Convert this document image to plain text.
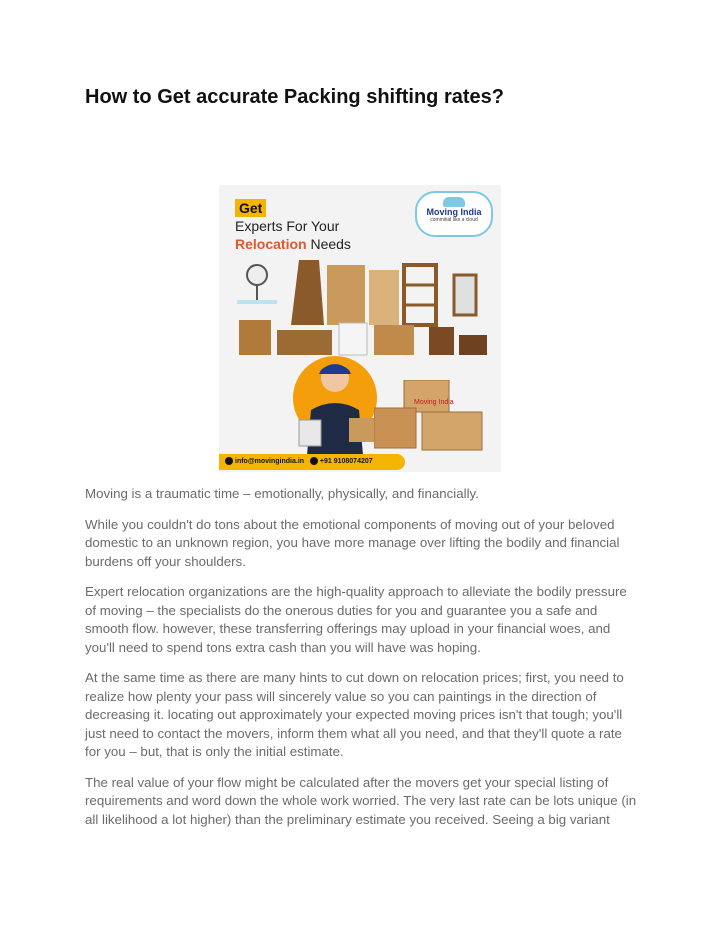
How to Get accurate Packing shifting rates?
Get
Experts For Your
Relocation Needs
Moving India
commitial like a cloud
Moving India
info@movingindia.in +91 9108074207

Moving is a traumatic time – emotionally, physically, and financially.

While you couldn't do tons about the emotional components of moving out of your beloved domestic to an unknown region, you have more manage over lifting the bodily and financial burdens off your shoulders.

Expert relocation organizations are the high-quality approach to alleviate the bodily pressure of moving – the specialists do the onerous duties for you and guarantee you a safe and smooth flow. however, these transferring offerings may upload in your financial woes, and you'll need to spend tons extra cash than you will have was hoping.

At the same time as there are many hints to cut down on relocation prices; first, you need to realize how plenty your pass will sincerely value so you can paintings in the direction of decreasing it. locating out approximately your expected moving prices isn't that tough; you'll just need to contact the movers, inform them what all you need, and that they'll quote a rate for you – but, that is only the initial estimate.

The real value of your flow might be calculated after the movers get your special listing of requirements and word down the whole work worried. The very last rate can be lots unique (in all likelihood a lot higher) than the preliminary estimate you received. Seeing a big variant
